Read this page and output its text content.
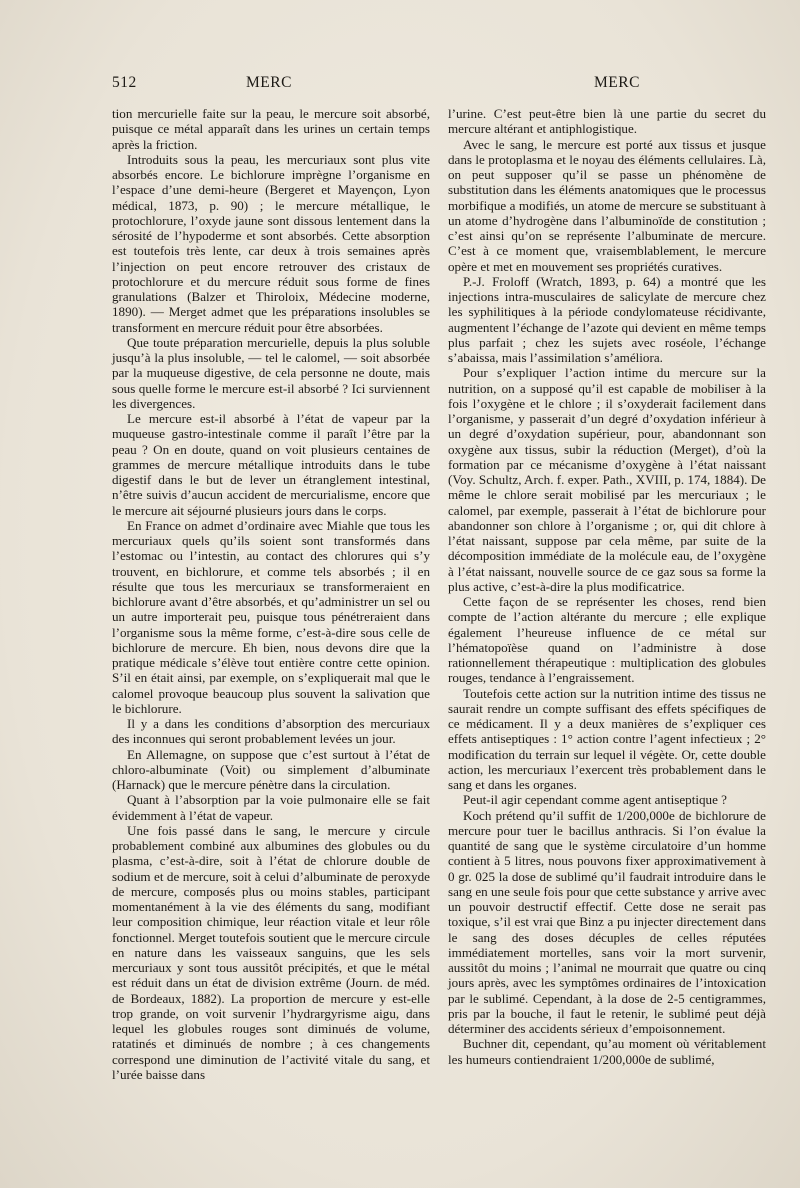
512	MERC	MERC

tion mercurielle faite sur la peau, le mercure soit absorbé, puisque ce métal apparaît dans les urines un certain temps après la friction.

Introduits sous la peau, les mercuriaux sont plus vite absorbés encore. Le bichlorure imprègne l’organisme en l’espace d’une demi-heure (Bergeret et Mayençon, Lyon médical, 1873, p. 90) ; le mercure métallique, le protochlorure, l’oxyde jaune sont dissous lentement dans la sérosité de l’hypoderme et sont absorbés. Cette absorption est toutefois très lente, car deux à trois semaines après l’injection on peut encore retrouver des cristaux de protochlorure et du mercure réduit sous forme de fines granulations (Balzer et Thiroloix, Médecine moderne, 1890). — Merget admet que les préparations insolubles se transforment en mercure réduit pour être absorbées.

Que toute préparation mercurielle, depuis la plus soluble jusqu’à la plus insoluble, — tel le calomel, — soit absorbée par la muqueuse digestive, de cela personne ne doute, mais sous quelle forme le mercure est-il absorbé ? Ici surviennent les divergences.

Le mercure est-il absorbé à l’état de vapeur par la muqueuse gastro-intestinale comme il paraît l’être par la peau ? On en doute, quand on voit plusieurs centaines de grammes de mercure métallique introduits dans le tube digestif dans le but de lever un étranglement intestinal, n’être suivis d’aucun accident de mercurialisme, encore que le mercure ait séjourné plusieurs jours dans le corps.

En France on admet d’ordinaire avec Miahle que tous les mercuriaux quels qu’ils soient sont transformés dans l’estomac ou l’intestin, au contact des chlorures qui s’y trouvent, en bichlorure, et comme tels absorbés ; il en résulte que tous les mercuriaux se transformeraient en bichlorure avant d’être absorbés, et qu’administrer un sel ou un autre importerait peu, puisque tous pénétreraient dans l’organisme sous la même forme, c’est-à-dire sous celle de bichlorure de mercure. Eh bien, nous devons dire que la pratique médicale s’élève tout entière contre cette opinion. S’il en était ainsi, par exemple, on s’expliquerait mal que le calomel provoque beaucoup plus souvent la salivation que le bichlorure.

Il y a dans les conditions d’absorption des mercuriaux des inconnues qui seront probablement levées un jour.

En Allemagne, on suppose que c’est surtout à l’état de chloro-albuminate (Voit) ou simplement d’albuminate (Harnack) que le mercure pénètre dans la circulation.

Quant à l’absorption par la voie pulmonaire elle se fait évidemment à l’état de vapeur.

Une fois passé dans le sang, le mercure y circule probablement combiné aux albumines des globules ou du plasma, c’est-à-dire, soit à l’état de chlorure double de sodium et de mercure, soit à celui d’albuminate de peroxyde de mercure, composés plus ou moins stables, participant momentanément à la vie des éléments du sang, modifiant leur composition chimique, leur réaction vitale et leur rôle fonctionnel. Merget toutefois soutient que le mercure circule en nature dans les vaisseaux sanguins, que les sels mercuriaux y sont tous aussitôt précipités, et que le métal est réduit dans un état de division extrême (Journ. de méd. de Bordeaux, 1882). La proportion de mercure y est-elle trop grande, on voit survenir l’hydrargyrisme aigu, dans lequel les globules rouges sont diminués de volume, ratatinés et diminués de nombre ; à ces changements correspond une diminution de l’activité vitale du sang, et l’urée baisse dans

l’urine. C’est peut-être bien là une partie du secret du mercure altérant et antiphlogistique.

Avec le sang, le mercure est porté aux tissus et jusque dans le protoplasma et le noyau des éléments cellulaires. Là, on peut supposer qu’il se passe un phénomène de substitution dans les éléments anatomiques que le processus morbifique a modifiés, un atome de mercure se substituant à un atome d’hydrogène dans l’albuminoïde de constitution ; c’est ainsi qu’on se représente l’albuminate de mercure. C’est à ce moment que, vraisemblablement, le mercure opère et met en mouvement ses propriétés curatives.

P.-J. Froloff (Wratch, 1893, p. 64) a montré que les injections intra-musculaires de salicylate de mercure chez les syphilitiques à la période condylomateuse récidivante, augmentent l’échange de l’azote qui devient en même temps plus parfait ; chez les sujets avec roséole, l’échange s’abaissa, mais l’assimilation s’améliora.

Pour s’expliquer l’action intime du mercure sur la nutrition, on a supposé qu’il est capable de mobiliser à la fois l’oxygène et le chlore ; il s’oxyderait facilement dans l’organisme, y passerait d’un degré d’oxydation inférieur à un degré d’oxydation supérieur, pour, abandonnant son oxygène aux tissus, subir la réduction (Merget), d’où la formation par ce mécanisme d’oxygène à l’état naissant (Voy. Schultz, Arch. f. exper. Path., XVIII, p. 174, 1884). De même le chlore serait mobilisé par les mercuriaux ; le calomel, par exemple, passerait à l’état de bichlorure pour abandonner son chlore à l’organisme ; or, qui dit chlore à l’état naissant, suppose par cela même, par suite de la décomposition immédiate de la molécule eau, de l’oxygène à l’état naissant, nouvelle source de ce gaz sous sa forme la plus active, c’est-à-dire la plus modificatrice.

Cette façon de se représenter les choses, rend bien compte de l’action altérante du mercure ; elle explique également l’heureuse influence de ce métal sur l’hématopoïèse quand on l’administre à dose rationnellement thérapeutique : multiplication des globules rouges, tendance à l’engraissement.

Toutefois cette action sur la nutrition intime des tissus ne saurait rendre un compte suffisant des effets spécifiques de ce médicament. Il y a deux manières de s’expliquer ces effets antiseptiques : 1° action contre l’agent infectieux ; 2° modification du terrain sur lequel il végète. Or, cette double action, les mercuriaux l’exercent très probablement dans le sang et dans les organes.

Peut-il agir cependant comme agent antiseptique ?

Koch prétend qu’il suffit de 1/200,000e de bichlorure de mercure pour tuer le bacillus anthracis. Si l’on évalue la quantité de sang que le système circulatoire d’un homme contient à 5 litres, nous pouvons fixer approximativement à 0 gr. 025 la dose de sublimé qu’il faudrait introduire dans le sang en une seule fois pour que cette substance y arrive avec un pouvoir destructif effectif. Cette dose ne serait pas toxique, s’il est vrai que Binz a pu injecter directement dans le sang des doses décuples de celles réputées immédiatement mortelles, sans voir la mort survenir, aussitôt du moins ; l’animal ne mourrait que quatre ou cinq jours après, avec les symptômes ordinaires de l’intoxication par le sublimé. Cependant, à la dose de 2-5 centigrammes, pris par la bouche, il faut le retenir, le sublimé peut déjà déterminer des accidents sérieux d’empoisonnement.

Buchner dit, cependant, qu’au moment où véritablement les humeurs contiendraient 1/200,000e de sublimé,
